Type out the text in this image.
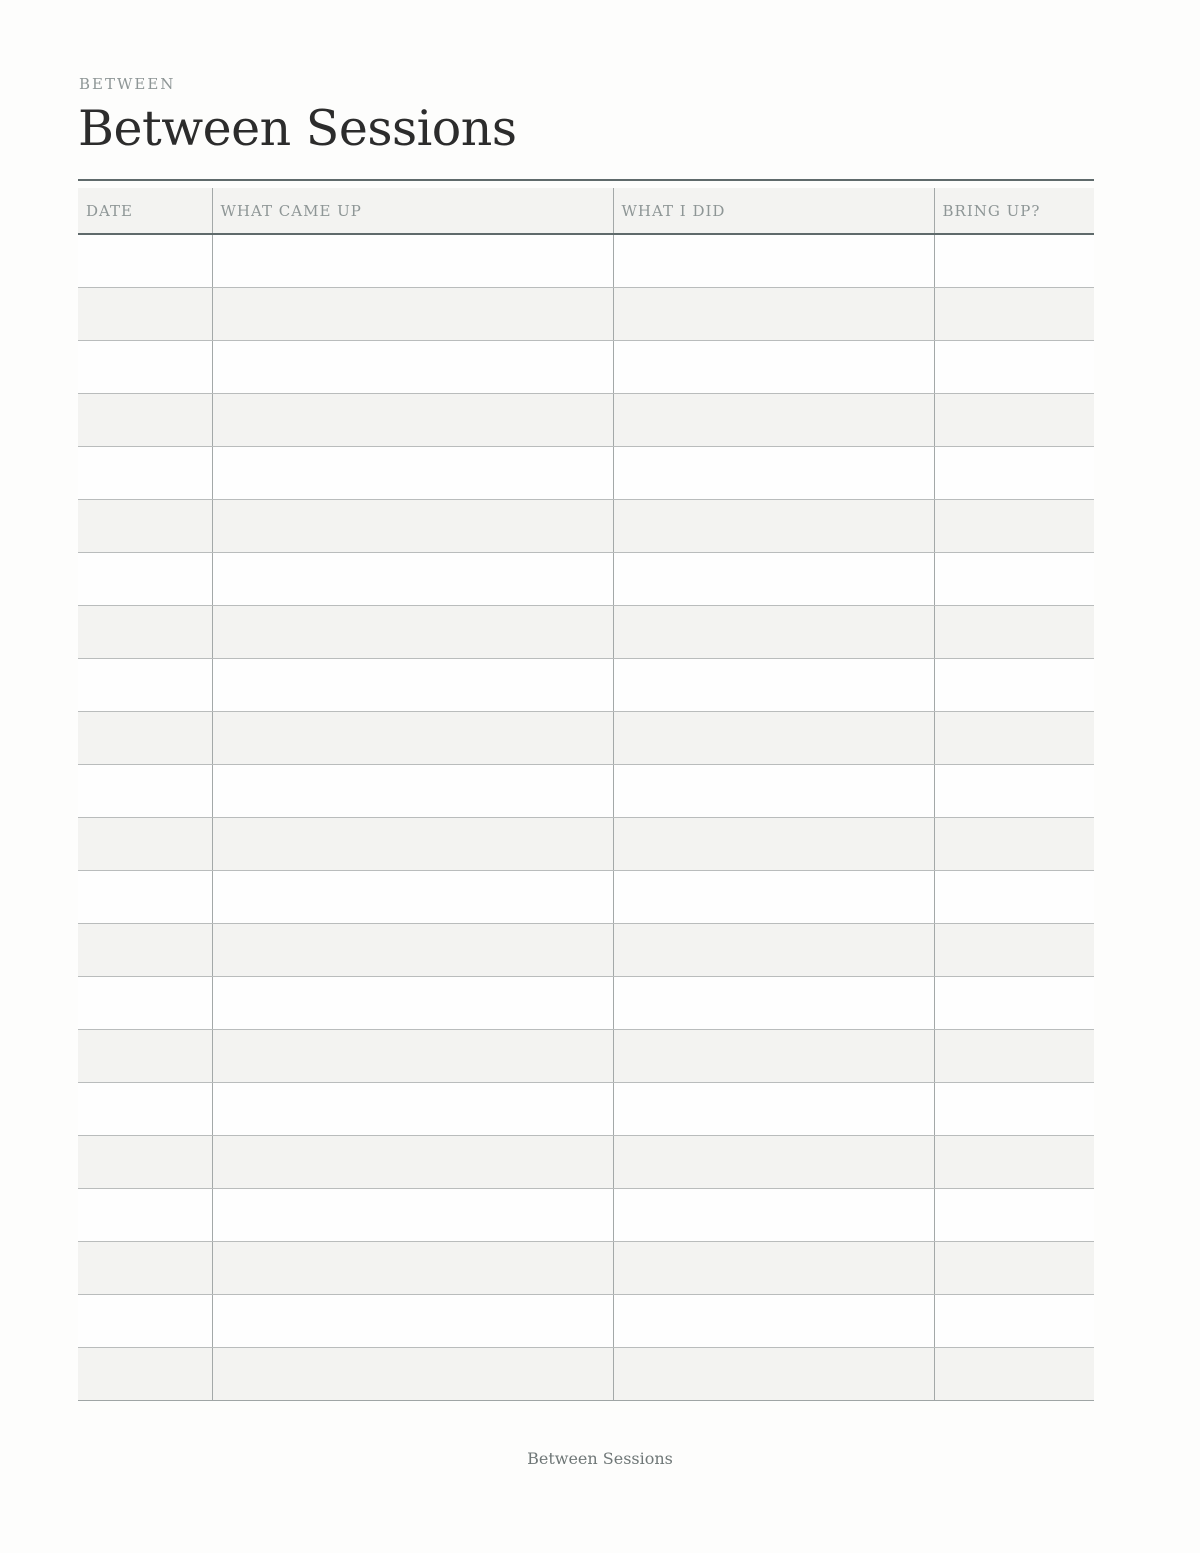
BETWEEN
Between Sessions
DATE	WHAT CAME UP	WHAT I DID	BRING UP?

Between Sessions
